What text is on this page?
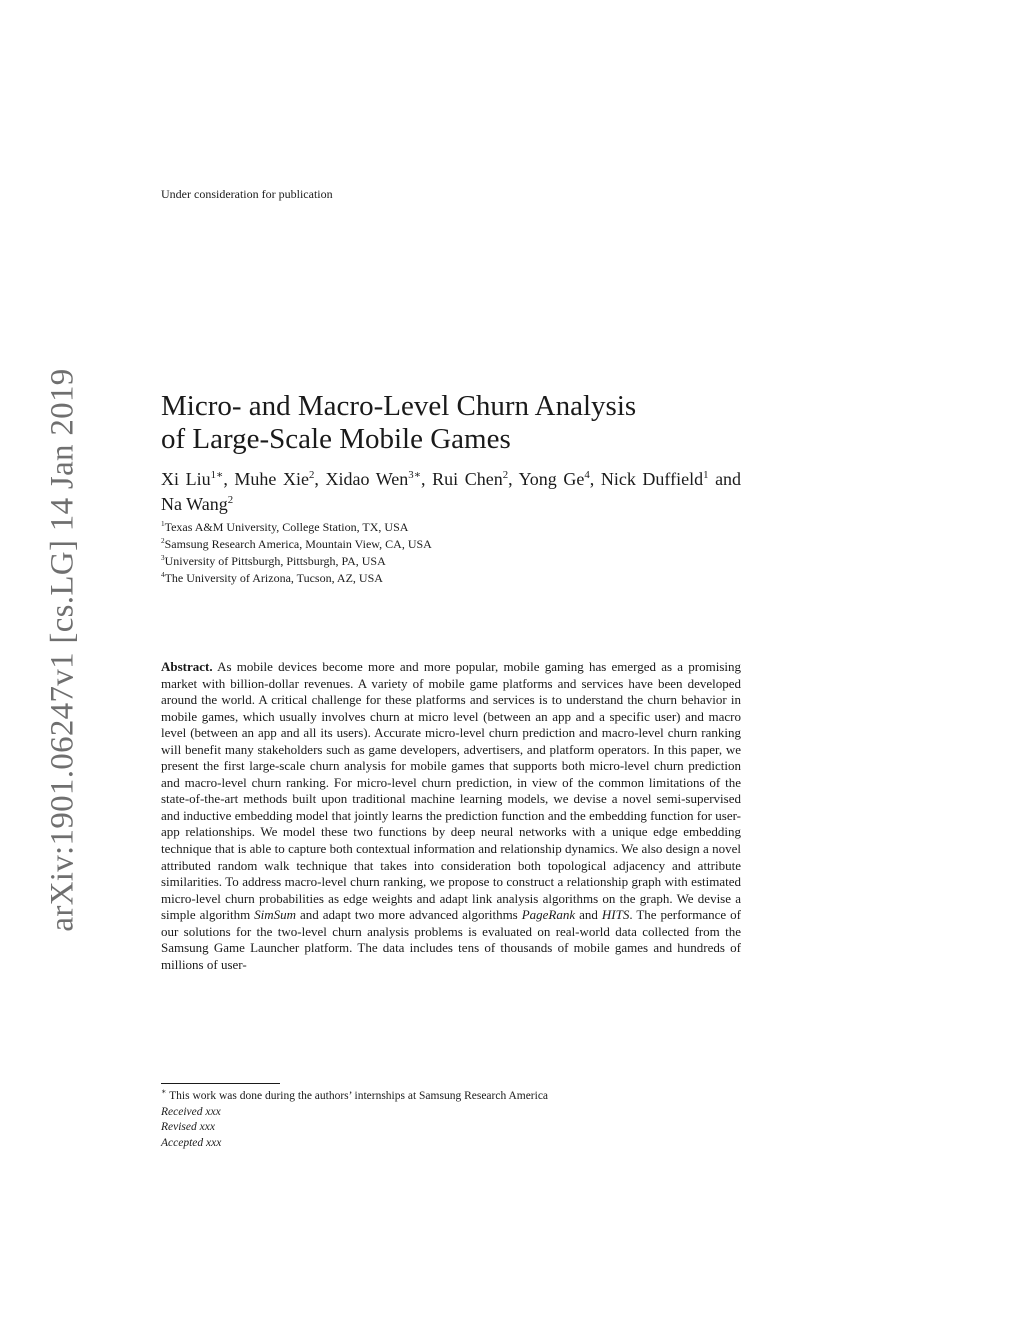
arXiv:1901.06247v1 [cs.LG] 14 Jan 2019
Under consideration for publication
Micro- and Macro-Level Churn Analysis
of Large-Scale Mobile Games
Xi Liu$^{1∗}$, Muhe Xie$^2$, Xidao Wen$^{3∗}$, Rui Chen$^2$, Yong Ge$^4$, Nick Duffield$^1$ and Na Wang$^2$
$^1$Texas A&M University, College Station, TX, USA
$^2$Samsung Research America, Mountain View, CA, USA
$^3$University of Pittsburgh, Pittsburgh, PA, USA
$^4$The University of Arizona, Tucson, AZ, USA

Abstract. As mobile devices become more and more popular, mobile gaming has emerged as a promising market with billion-dollar revenues. A variety of mobile game platforms and services have been developed around the world. A critical challenge for these platforms and services is to understand the churn behavior in mobile games, which usually involves churn at micro level (between an app and a specific user) and macro level (between an app and all its users). Accurate micro-level churn prediction and macro-level churn ranking will benefit many stakeholders such as game developers, advertisers, and platform operators. In this paper, we present the first large-scale churn analysis for mobile games that supports both micro-level churn prediction and macro-level churn ranking. For micro-level churn prediction, in view of the common limitations of the state-of-the-art methods built upon traditional machine learning models, we devise a novel semi-supervised and inductive embedding model that jointly learns the prediction function and the embedding function for user-app relationships. We model these two functions by deep neural networks with a unique edge embedding technique that is able to capture both contextual information and relationship dynamics. We also design a novel attributed random walk technique that takes into consideration both topological adjacency and attribute similarities. To address macro-level churn ranking, we propose to construct a relationship graph with estimated micro-level churn probabilities as edge weights and adapt link analysis algorithms on the graph. We devise a simple algorithm SimSum and adapt two more advanced algorithms PageRank and HITS. The performance of our solutions for the two-level churn analysis problems is evaluated on real-world data collected from the Samsung Game Launcher platform. The data includes tens of thousands of mobile games and hundreds of millions of user-

∗ This work was done during the authors’ internships at Samsung Research America
Received xxx
Revised xxx
Accepted xxx
